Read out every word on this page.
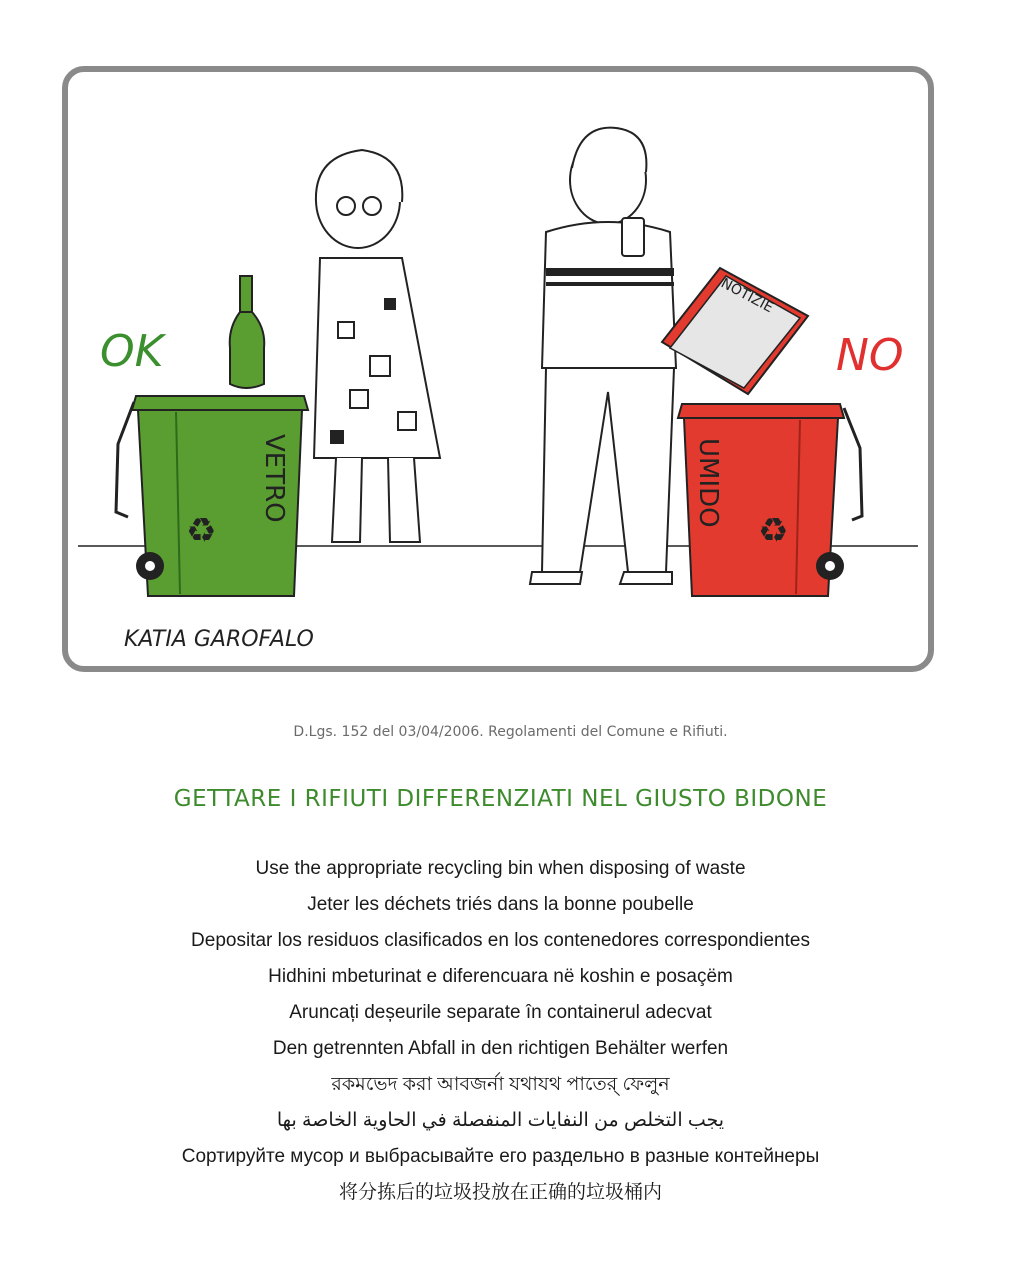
OK	NO
♻
VETRO
NOTIZIE
♻
UMIDO
KATIA GAROFALO
D.Lgs. 152 del 03/04/2006. Regolamenti del Comune e Rifiuti.
GETTARE I RIFIUTI DIFFERENZIATI NEL GIUSTO BIDONE
Use the appropriate recycling bin when disposing of waste
Jeter les déchets triés dans la bonne poubelle
Depositar los residuos clasificados en los contenedores correspondientes
Hidhini mbeturinat e diferencuara në koshin e posaçëm
Aruncați deșeurile separate în containerul adecvat
Den getrennten Abfall in den richtigen Behälter werfen
রকমভেদ করা আবজর্না যথাযথ পাতের্ ফেলুন
يجب التخلص من النفايات المنفصلة في الحاوية الخاصة بها
Сортируйте мусор и выбрасывайте его раздельно в разные контейнеры
将分拣后的垃圾投放在正确的垃圾桶内
